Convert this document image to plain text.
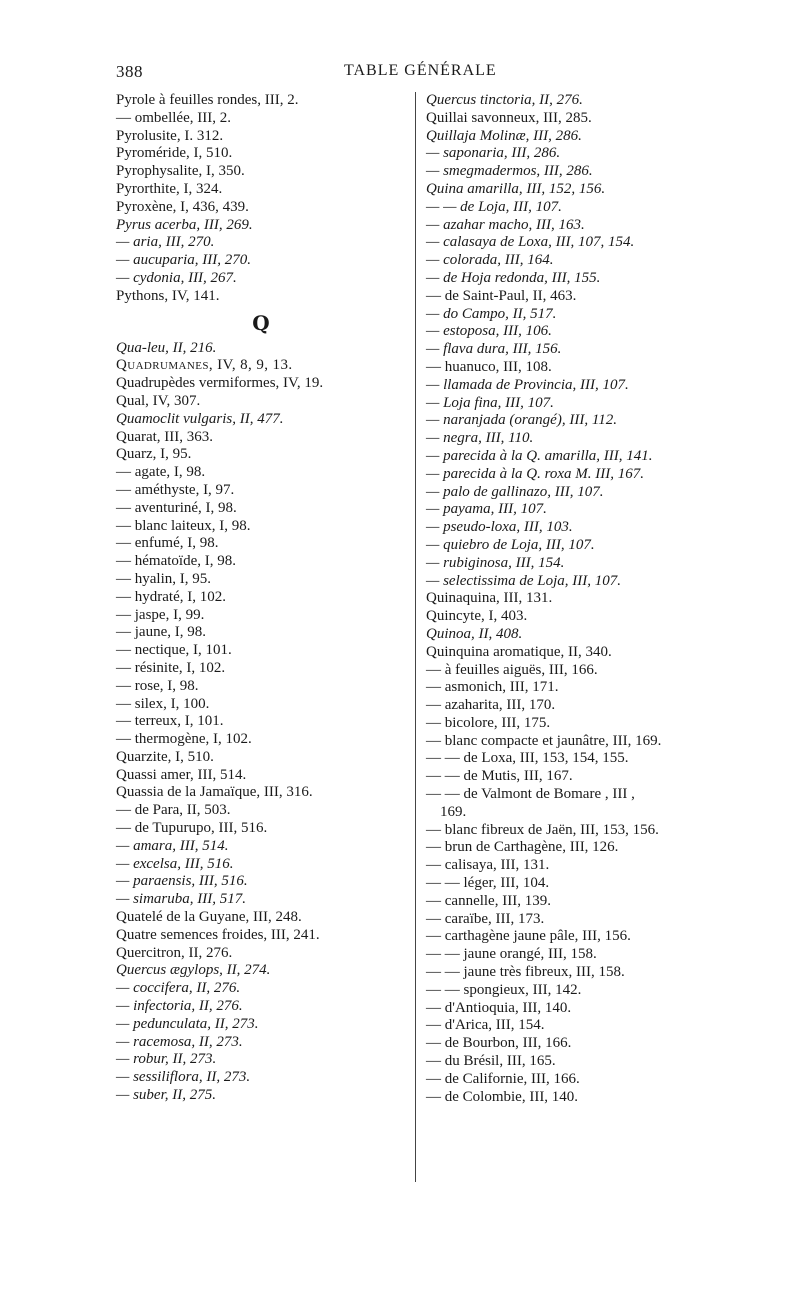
388	TABLE GÉNÉRALE
Pyrole à feuilles rondes, III, 2.
— ombellée, III, 2.
Pyrolusite, I. 312.
Pyroméride, I, 510.
Pyrophysalite, I, 350.
Pyrorthite, I, 324.
Pyroxène, I, 436, 439.
Pyrus acerba, III, 269.
— aria, III, 270.
— aucuparia, III, 270.
— cydonia, III, 267.
Pythons, IV, 141.
Q
Qua-leu, II, 216.
Quadrumanes, IV, 8, 9, 13.
Quadrupèdes vermiformes, IV, 19.
Qual, IV, 307.
Quamoclit vulgaris, II, 477.
Quarat, III, 363.
Quarz, I, 95.
— agate, I, 98.
— améthyste, I, 97.
— aventuriné, I, 98.
— blanc laiteux, I, 98.
— enfumé, I, 98.
— hématoïde, I, 98.
— hyalin, I, 95.
— hydraté, I, 102.
— jaspe, I, 99.
— jaune, I, 98.
— nectique, I, 101.
— résinite, I, 102.
— rose, I, 98.
— silex, I, 100.
— terreux, I, 101.
— thermogène, I, 102.
Quarzite, I, 510.
Quassi amer, III, 514.
Quassia de la Jamaïque, III, 316.
— de Para, II, 503.
— de Tupurupo, III, 516.
— amara, III, 514.
— excelsa, III, 516.
— paraensis, III, 516.
— simaruba, III, 517.
Quatelé de la Guyane, III, 248.
Quatre semences froides, III, 241.
Quercitron, II, 276.
Quercus ægylops, II, 274.
— coccifera, II, 276.
— infectoria, II, 276.
— pedunculata, II, 273.
— racemosa, II, 273.
— robur, II, 273.
— sessiliflora, II, 273.
— suber, II, 275.
Quercus tinctoria, II, 276.
Quillai savonneux, III, 285.
Quillaja Molinæ, III, 286.
— saponaria, III, 286.
— smegmadermos, III, 286.
Quina amarilla, III, 152, 156.
— — de Loja, III, 107.
— azahar macho, III, 163.
— calasaya de Loxa, III, 107, 154.
— colorada, III, 164.
— de Hoja redonda, III, 155.
— de Saint-Paul, II, 463.
— do Campo, II, 517.
— estoposa, III, 106.
— flava dura, III, 156.
— huanuco, III, 108.
— llamada de Provincia, III, 107.
— Loja fina, III, 107.
— naranjada (orangé), III, 112.
— negra, III, 110.
— parecida à la Q. amarilla, III, 141.
— parecida à la Q. roxa M. III, 167.
— palo de gallinazo, III, 107.
— payama, III, 107.
— pseudo-loxa, III, 103.
— quiebro de Loja, III, 107.
— rubiginosa, III, 154.
— selectissima de Loja, III, 107.
Quinaquina, III, 131.
Quincyte, I, 403.
Quinoa, II, 408.
Quinquina aromatique, II, 340.
— à feuilles aiguës, III, 166.
— asmonich, III, 171.
— azaharita, III, 170.
— bicolore, III, 175.
— blanc compacte et jaunâtre, III, 169.
— — de Loxa, III, 153, 154, 155.
— — de Mutis, III, 167.
— — de Valmont de Bomare , III ,
169.
— blanc fibreux de Jaën, III, 153, 156.
— brun de Carthagène, III, 126.
— calisaya, III, 131.
— — léger, III, 104.
— cannelle, III, 139.
— caraïbe, III, 173.
— carthagène jaune pâle, III, 156.
— — jaune orangé, III, 158.
— — jaune très fibreux, III, 158.
— — spongieux, III, 142.
— d'Antioquia, III, 140.
— d'Arica, III, 154.
— de Bourbon, III, 166.
— du Brésil, III, 165.
— de Californie, III, 166.
— de Colombie, III, 140.
